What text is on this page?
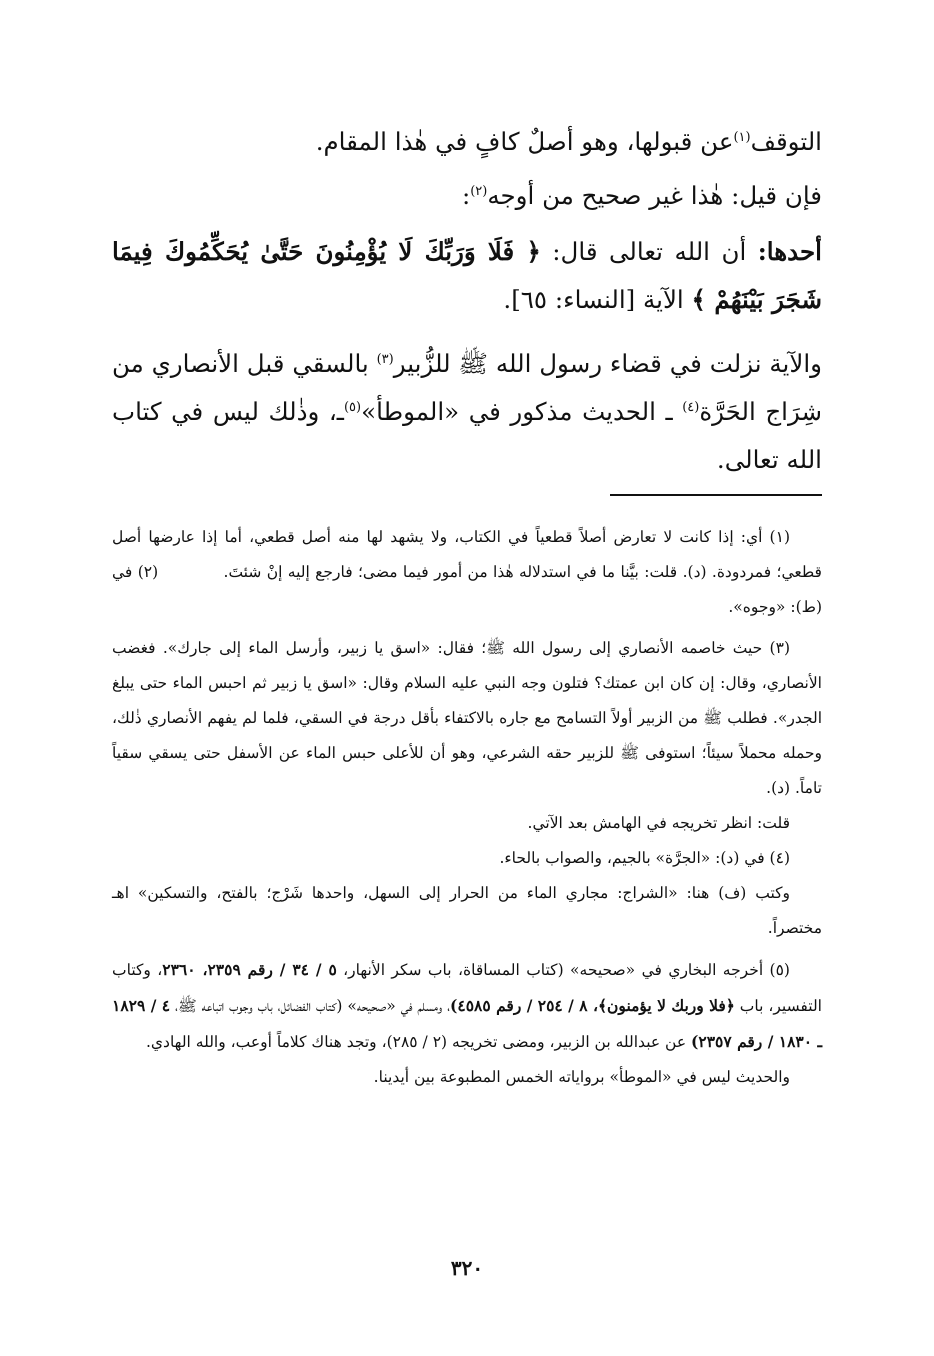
التوقف$^{(١)}$عن قبولها، وهو أصلٌ كافٍ في هٰذا المقام.

فإن قيل: هٰذا غير صحيح من أوجه$^{(٢)}$:

أحدها: أن الله تعالى قال: ﴿ فَلَا وَرَبِّكَ لَا يُؤْمِنُونَ حَتَّىٰ يُحَكِّمُوكَ فِيمَا شَجَرَ بَيْنَهُمْ ﴾ الآية [النساء: ٦٥].

والآية نزلت في قضاء رسول الله ﷺ للزُّبير$^{(٣)}$ بالسقي قبل الأنصاري من شِرَاج الحَرَّة$^{(٤)}$ ـ الحديث مذكور في «الموطأ»$^{(٥)}$ـ، وذٰلك ليس في كتاب الله تعالى.

(١) أي: إذا كانت لا تعارض أصلاً قطعياً في الكتاب، ولا يشهد لها منه أصل قطعي، أما إذا عارضها أصل قطعي؛ فمردودة. (د). قلت: بيَّنا ما في استدلاله هٰذا من أمور فيما مضى؛ فارجع إليه إنْ شئتَ. (٢) في (ط): «وجوه».

(٣) حيث خاصمه الأنصاري إلى رسول الله ﷺ؛ فقال: «اسق يا زبير، وأرسل الماء إلى جارك». فغضب الأنصاري، وقال: إن كان ابن عمتك؟ فتلون وجه النبي عليه السلام وقال: «اسق يا زبير ثم احبس الماء حتى يبلغ الجدر». فطلب ﷺ من الزبير أولاً التسامح مع جاره بالاكتفاء بأقل درجة في السقي، فلما لم يفهم الأنصاري ذٰلك، وحمله محملاً سيئاً؛ استوفى ﷺ للزبير حقه الشرعي، وهو أن للأعلى حبس الماء عن الأسفل حتى يسقي سقياً تاماً. (د).

قلت: انظر تخريجه في الهامش بعد الآتي.

(٤) في (د): «الجرَّة» بالجيم، والصواب بالحاء.

وكتب (ف) هنا: «الشراج: مجاري الماء من الحرار إلى السهل، واحدها شَرْج؛ بالفتح، والتسكين» اهـ مختصراً.

(٥) أخرجه البخاري في «صحيحه» (كتاب المساقاة، باب سكر الأنهار، ٥ / ٣٤ / رقم ٢٣٥٩، ٢٣٦٠، وكتاب التفسير، باب ﴿فلا وربك لا يؤمنون﴾، ٨ / ٢٥٤ / رقم ٤٥٨٥)، ومسلم في «صحيحه» (كتاب الفضائل، باب وجوب اتباعه ﷺ، ٤ / ١٨٢٩ ـ ١٨٣٠ / رقم ٢٣٥٧) عن عبدالله بن الزبير، ومضى تخريجه (٢ / ٢٨٥)، وتجد هناك كلاماً أوعب، والله الهادي.

والحديث ليس في «الموطأ» برواياته الخمس المطبوعة بين أيدينا.

٣٢٠
